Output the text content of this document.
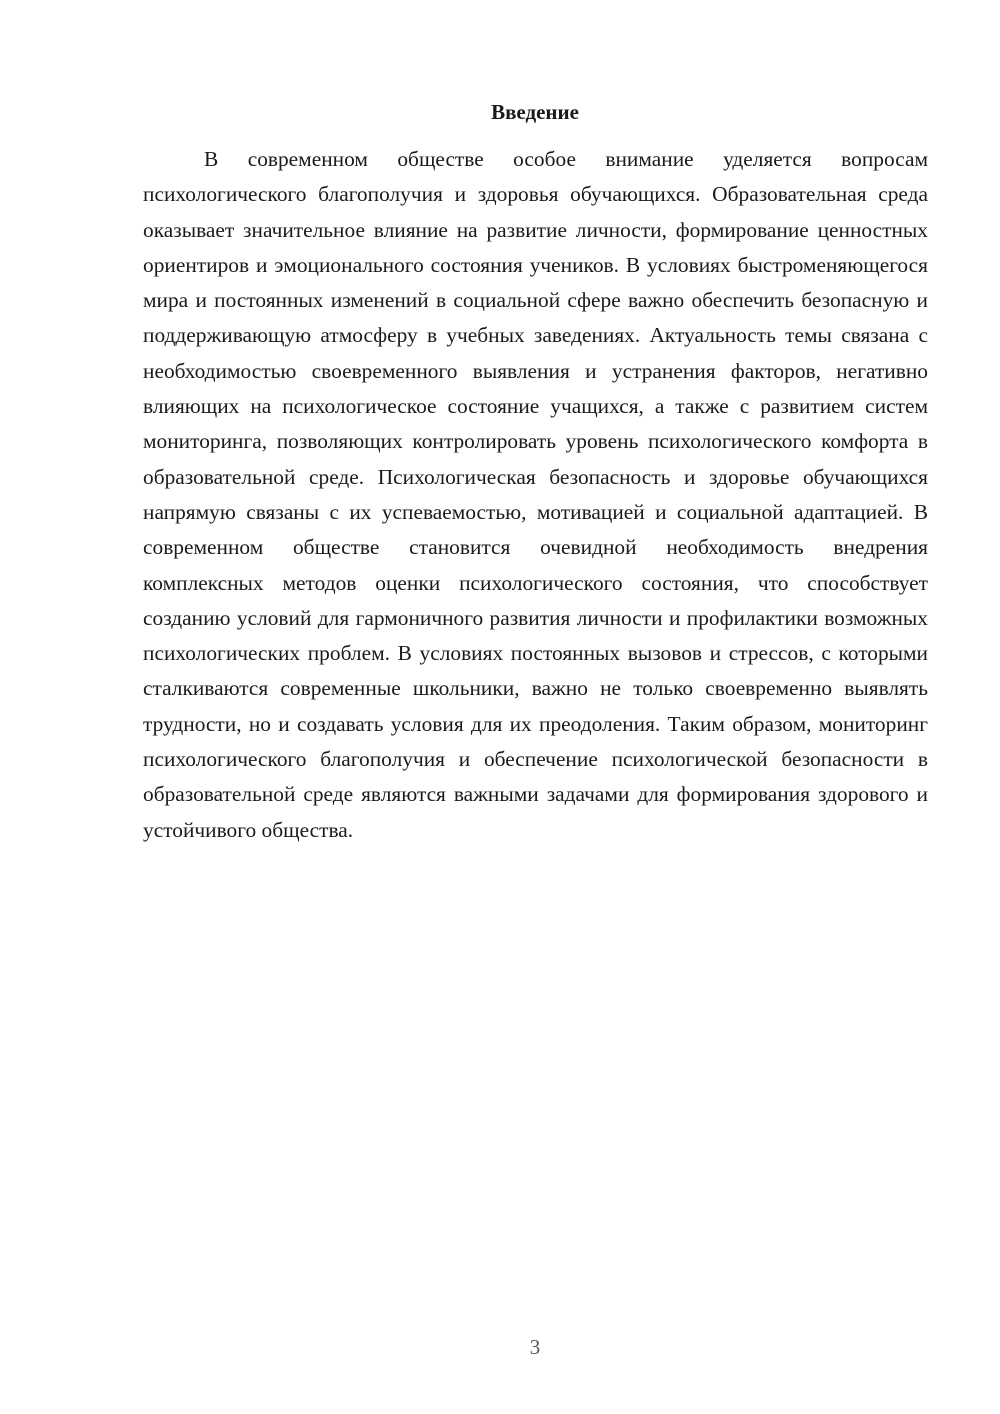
Введение

В современном обществе особое внимание уделяется вопросам психологического благополучия и здоровья обучающихся. Образовательная среда оказывает значительное влияние на развитие личности, формирование ценностных ориентиров и эмоционального состояния учеников. В условиях быстроменяющегося мира и постоянных изменений в социальной сфере важно обеспечить безопасную и поддерживающую атмосферу в учебных заведениях. Актуальность темы связана с необходимостью своевременного выявления и устранения факторов, негативно влияющих на психологическое состояние учащихся, а также с развитием систем мониторинга, позволяющих контролировать уровень психологического комфорта в образовательной среде. Психологическая безопасность и здоровье обучающихся напрямую связаны с их успеваемостью, мотивацией и социальной адаптацией. В современном обществе становится очевидной необходимость внедрения комплексных методов оценки психологического состояния, что способствует созданию условий для гармоничного развития личности и профилактики возможных психологических проблем. В условиях постоянных вызовов и стрессов, с которыми сталкиваются современные школьники, важно не только своевременно выявлять трудности, но и создавать условия для их преодоления. Таким образом, мониторинг психологического благополучия и обеспечение психологической безопасности в образовательной среде являются важными задачами для формирования здорового и устойчивого общества.

3
